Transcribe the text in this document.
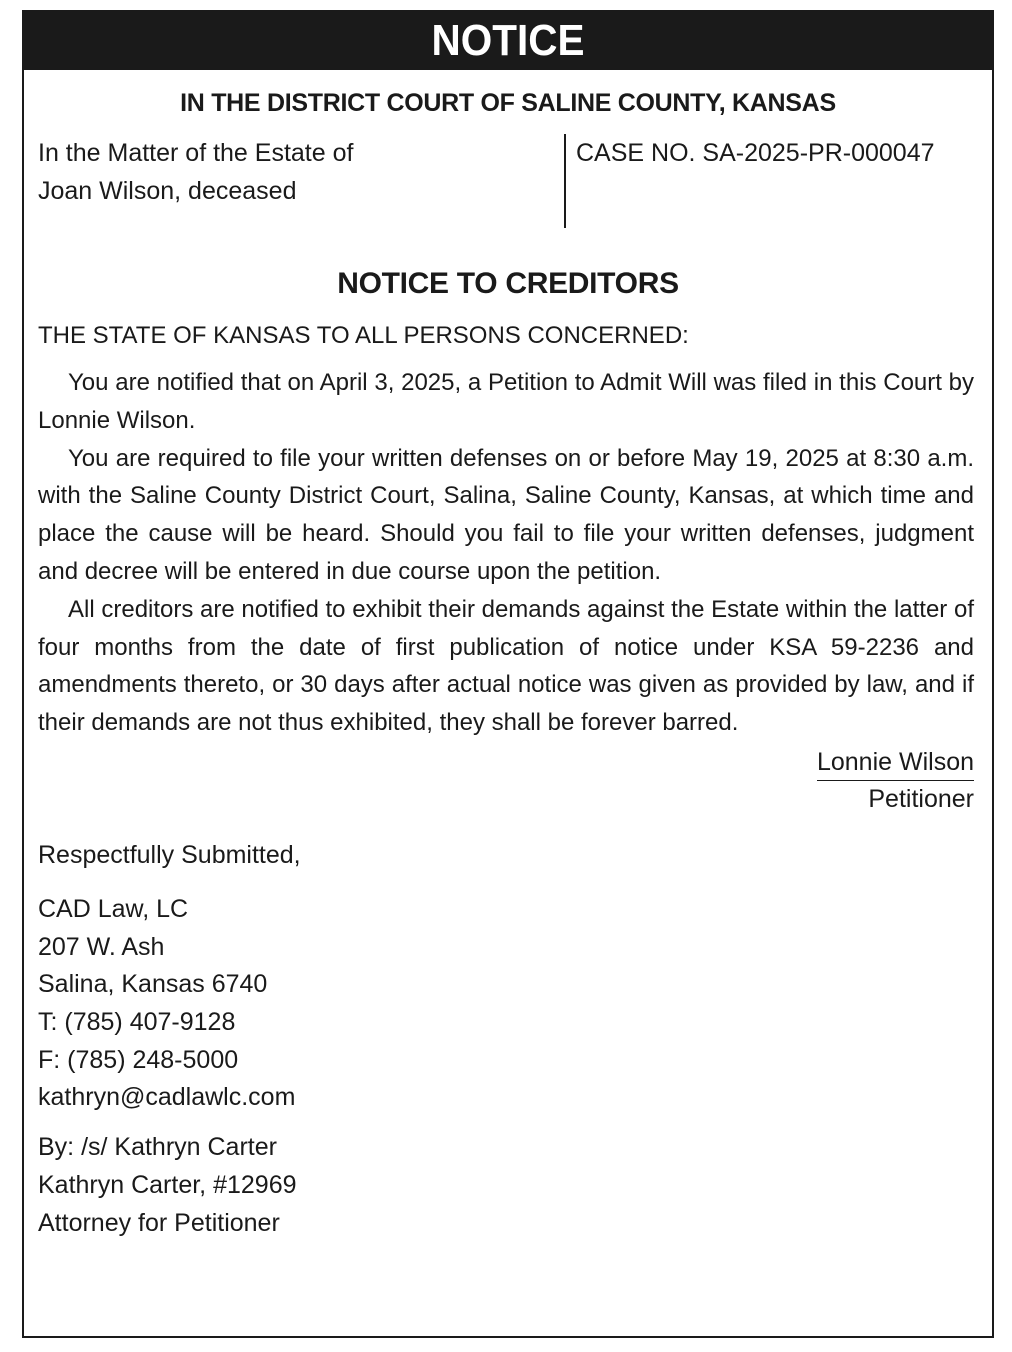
NOTICE
IN THE DISTRICT COURT OF SALINE COUNTY, KANSAS
In the Matter of the Estate of
Joan Wilson, deceased
CASE NO. SA-2025-PR-000047
NOTICE TO CREDITORS
THE STATE OF KANSAS TO ALL PERSONS CONCERNED:

You are notified that on April 3, 2025, a Petition to Admit Will was filed in this Court by Lonnie Wilson.

You are required to file your written defenses on or before May 19, 2025 at 8:30 a.m. with the Saline County District Court, Salina, Saline County, Kansas, at which time and place the cause will be heard. Should you fail to file your written defenses, judgment and decree will be entered in due course upon the petition.

All creditors are notified to exhibit their demands against the Estate within the latter of four months from the date of first publication of notice under KSA 59-2236 and amendments thereto, or 30 days after actual notice was given as provided by law, and if their demands are not thus exhibited, they shall be forever barred.

Lonnie Wilson
Petitioner
Respectfully Submitted,
CAD Law, LC
207 W. Ash
Salina, Kansas 6740
T: (785) 407-9128
F: (785) 248-5000
kathryn@cadlawlc.com
By: /s/ Kathryn Carter
Kathryn Carter, #12969
Attorney for Petitioner
